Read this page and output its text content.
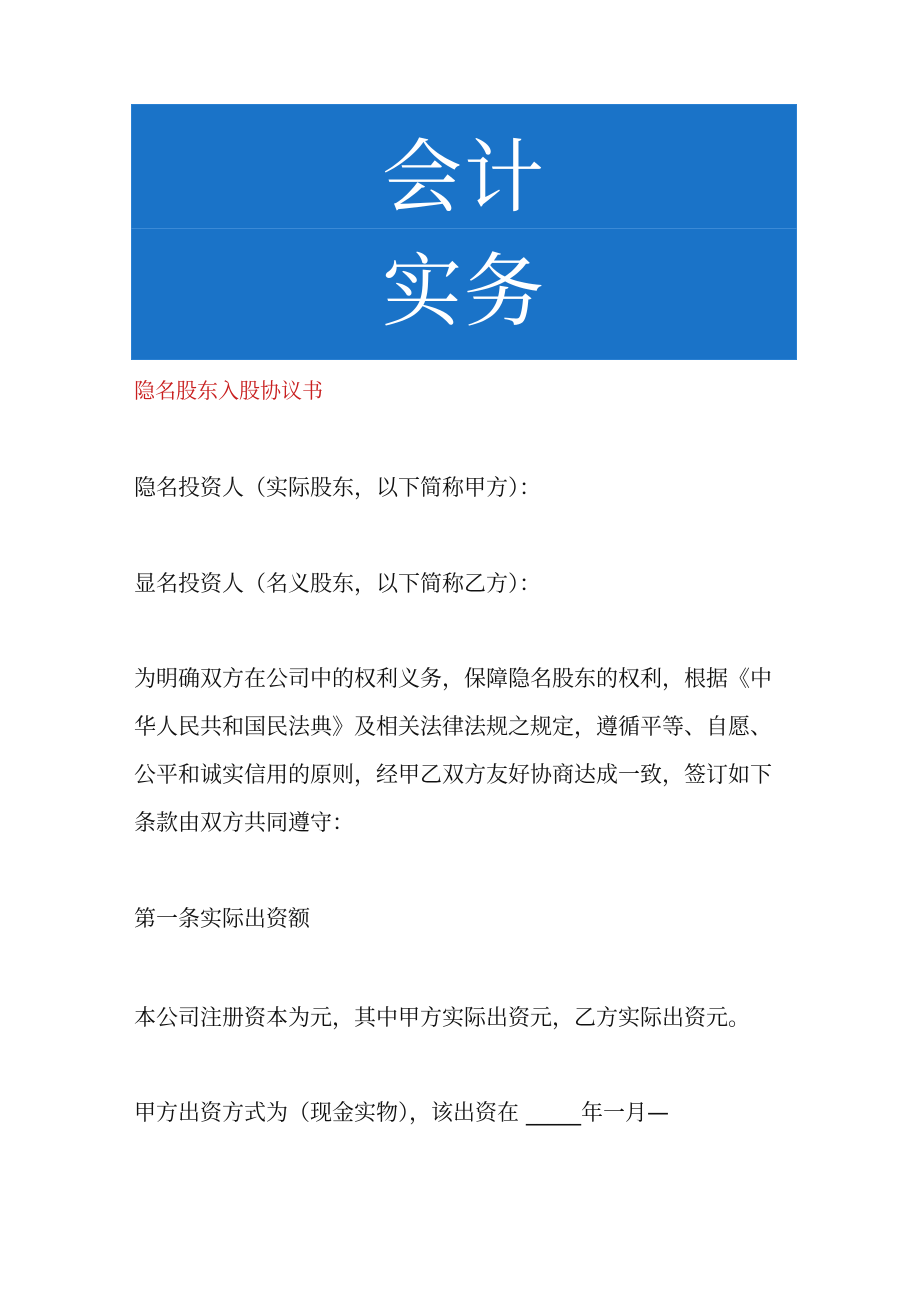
会计
实务
隐名股东入股协议书
隐名投资人（实际股东，以下简称甲方）：
显名投资人（名义股东，以下简称乙方）：
为明确双方在公司中的权利义务，保障隐名股东的权利，根据《中
华人民共和国民法典》及相关法律法规之规定，遵循平等、自愿、
公平和诚实信用的原则，经甲乙双方友好协商达成一致，签订如下
条款由双方共同遵守：
第一条实际出资额
本公司注册资本为元，其中甲方实际出资元，乙方实际出资元。
甲方出资方式为（现金实物），该出资在 _____年一月—
